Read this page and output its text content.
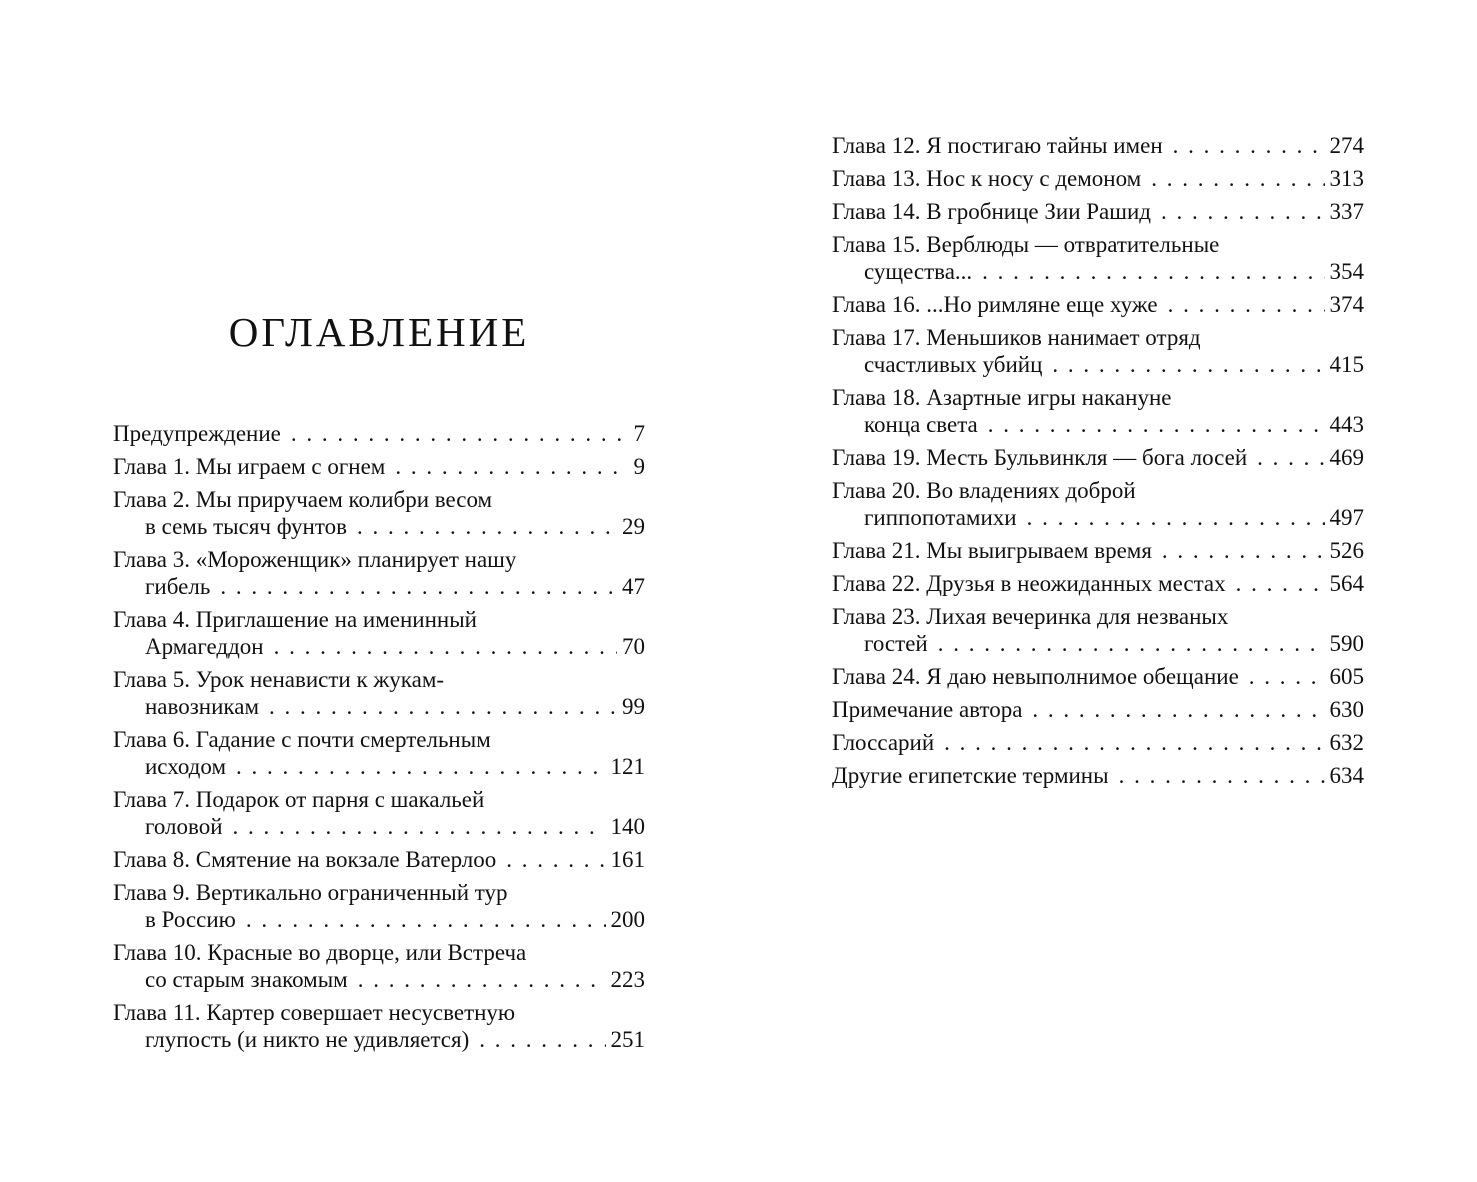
ОГЛАВЛЕНИЕ
Предупреждение . . .	7
Глава 1. Мы играем с огнем . . .	9
Глава 2. Мы приручаем колибри весом
в семь тысяч фунтов . . .	29
Глава 3. «Мороженщик» планирует нашу
гибель . . .	47
Глава 4. Приглашение на именинный
Армагеддон . . .	70
Глава 5. Урок ненависти к жукам-
навозникам . . .	99
Глава 6. Гадание с почти смертельным
исходом . . .	121
Глава 7. Подарок от парня с шакальей
головой . . .	140
Глава 8. Смятение на вокзале Ватерлоо . . .	161
Глава 9. Вертикально ограниченный тур
в Россию . . .	200
Глава 10. Красные во дворце, или Встреча
со старым знакомым . . .	223
Глава 11. Картер совершает несусветную
глупость (и никто не удивляется) . . .	251
Глава 12. Я постигаю тайны имен . . .	274
Глава 13. Нос к носу с демоном . . .	313
Глава 14. В гробнице Зии Рашид . . .	337
Глава 15. Верблюды — отвратительные
существа... . . .	354
Глава 16. ...Но римляне еще хуже . . .	374
Глава 17. Меньшиков нанимает отряд
счастливых убийц . . .	415
Глава 18. Азартные игры накануне
конца света . . .	443
Глава 19. Месть Бульвинкля — бога лосей . . .	469
Глава 20. Во владениях доброй
гиппопотамихи . . .	497
Глава 21. Мы выигрываем время . . .	526
Глава 22. Друзья в неожиданных местах . . .	564
Глава 23. Лихая вечеринка для незваных
гостей . . .	590
Глава 24. Я даю невыполнимое обещание . . .	605
Примечание автора . . .	630
Глоссарий . . .	632
Другие египетские термины . . .	634
